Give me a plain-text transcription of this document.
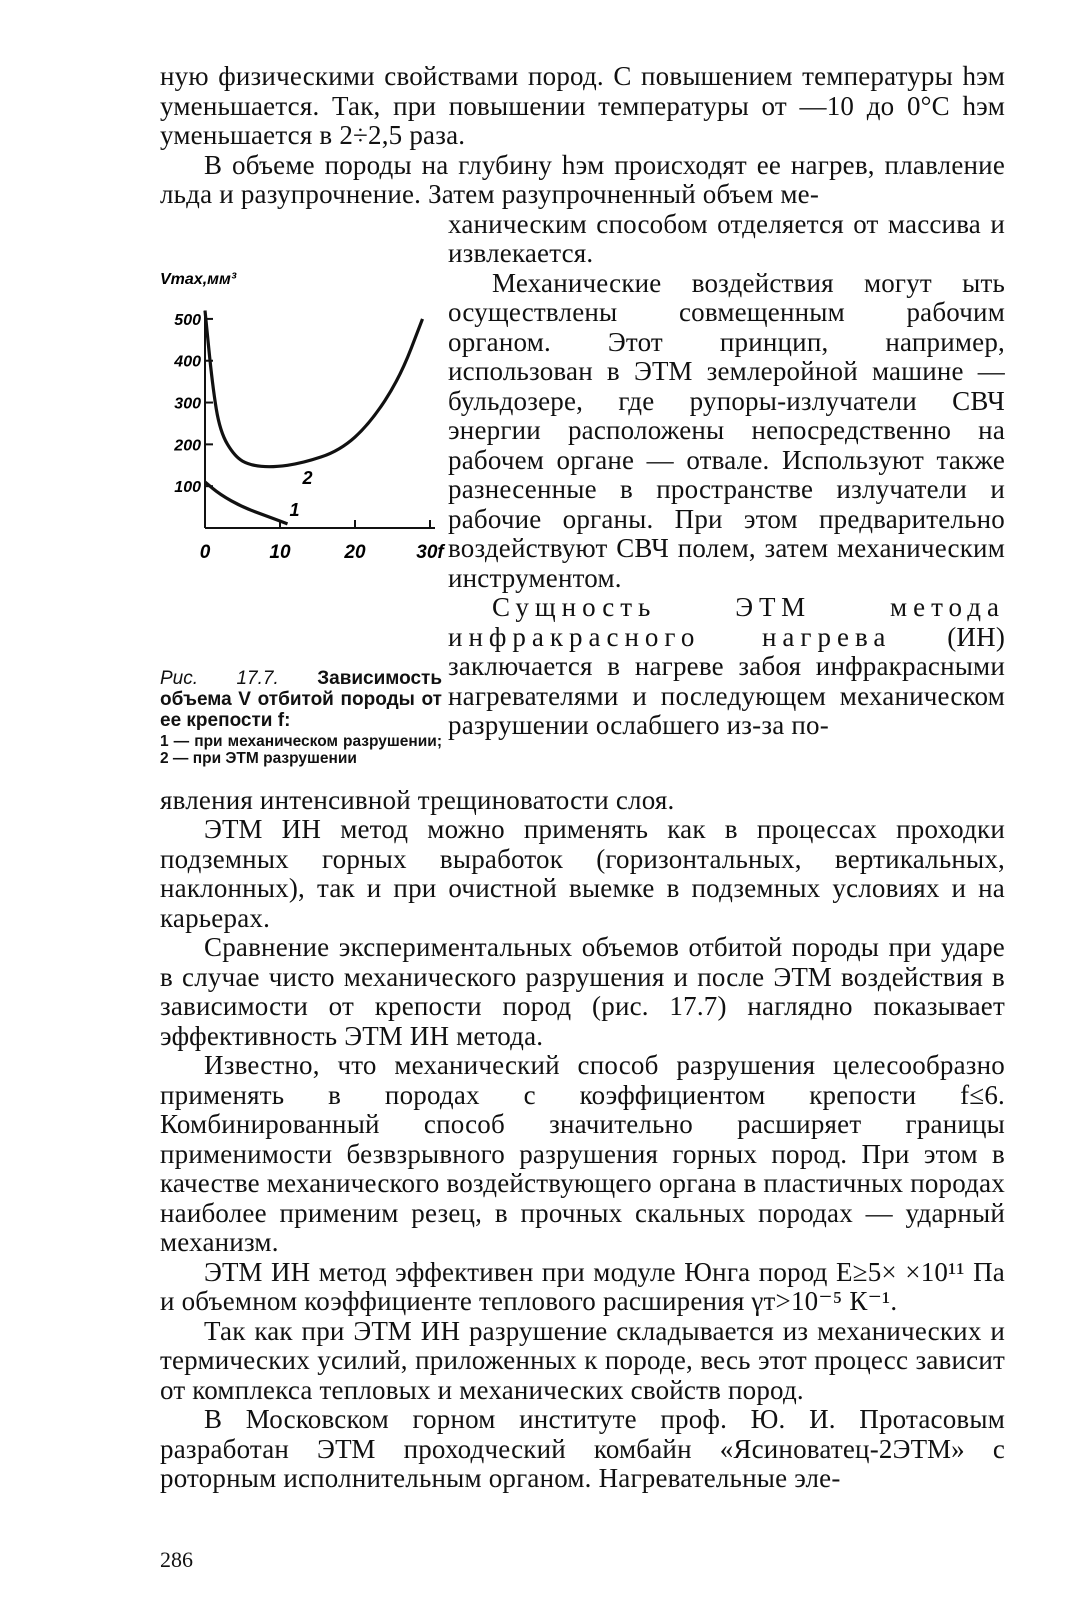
ную физическими свойствами пород. С повышением температуры hэм уменьшается. Так, при повышении температуры от —10 до 0°С hэм уменьшается в 2÷2,5 раза.

В объеме породы на глубину hэм происходят ее нагрев, плавление льда и разупрочнение. Затем разупрочненный объем ме-

Vmаx,мм³
100
200
300
400
500
0	10	20	30f
1
2
Рис. 17.7. Зависимость объема V отбитой породы от ее крепости f:
1 — при механическом разрушении; 2 — при ЭТМ разрушении

ханическим способом отделяется от массива и извлекается.

Механические воздействия могут ыть осуществлены совмещенным рабочим органом. Этот принцип, например, использован в ЭТМ землеройной машине — бульдозере, где рупоры-излучатели СВЧ энергии расположены непосредственно на рабочем органе — отвале. Используют также разнесенные в пространстве излучатели и рабочие органы. При этом предварительно воздействуют СВЧ полем, затем механическим инструментом.

Сущность ЭТМ метода инфракрасного нагрева (ИН) заключается в нагреве забоя инфракрасными нагревателями и последующем механическом разрушении ослабшего из-за по-

явления интенсивной трещиноватости слоя.

ЭТМ ИН метод можно применять как в процессах проходки подземных горных выработок (горизонтальных, вертикальных, наклонных), так и при очистной выемке в подземных условиях и на карьерах.

Сравнение экспериментальных объемов отбитой породы при ударе в случае чисто механического разрушения и после ЭТМ воздействия в зависимости от крепости пород (рис. 17.7) наглядно показывает эффективность ЭТМ ИН метода.

Известно, что механический способ разрушения целесообразно применять в породах с коэффициентом крепости f≤6. Комбинированный способ значительно расширяет границы применимости безвзрывного разрушения горных пород. При этом в качестве механического воздействующего органа в пластичных породах наиболее применим резец, в прочных скальных породах — ударный механизм.

ЭТМ ИН метод эффективен при модуле Юнга пород E≥5× ×10¹¹ Па и объемном коэффициенте теплового расширения γт>10⁻⁵ К⁻¹.

Так как при ЭТМ ИН разрушение складывается из механических и термических усилий, приложенных к породе, весь этот процесс зависит от комплекса тепловых и механических свойств пород.

В Московском горном институте проф. Ю. И. Протасовым разработан ЭТМ проходческий комбайн «Ясиноватец-2ЭТМ» с роторным исполнительным органом. Нагревательные эле-

286
